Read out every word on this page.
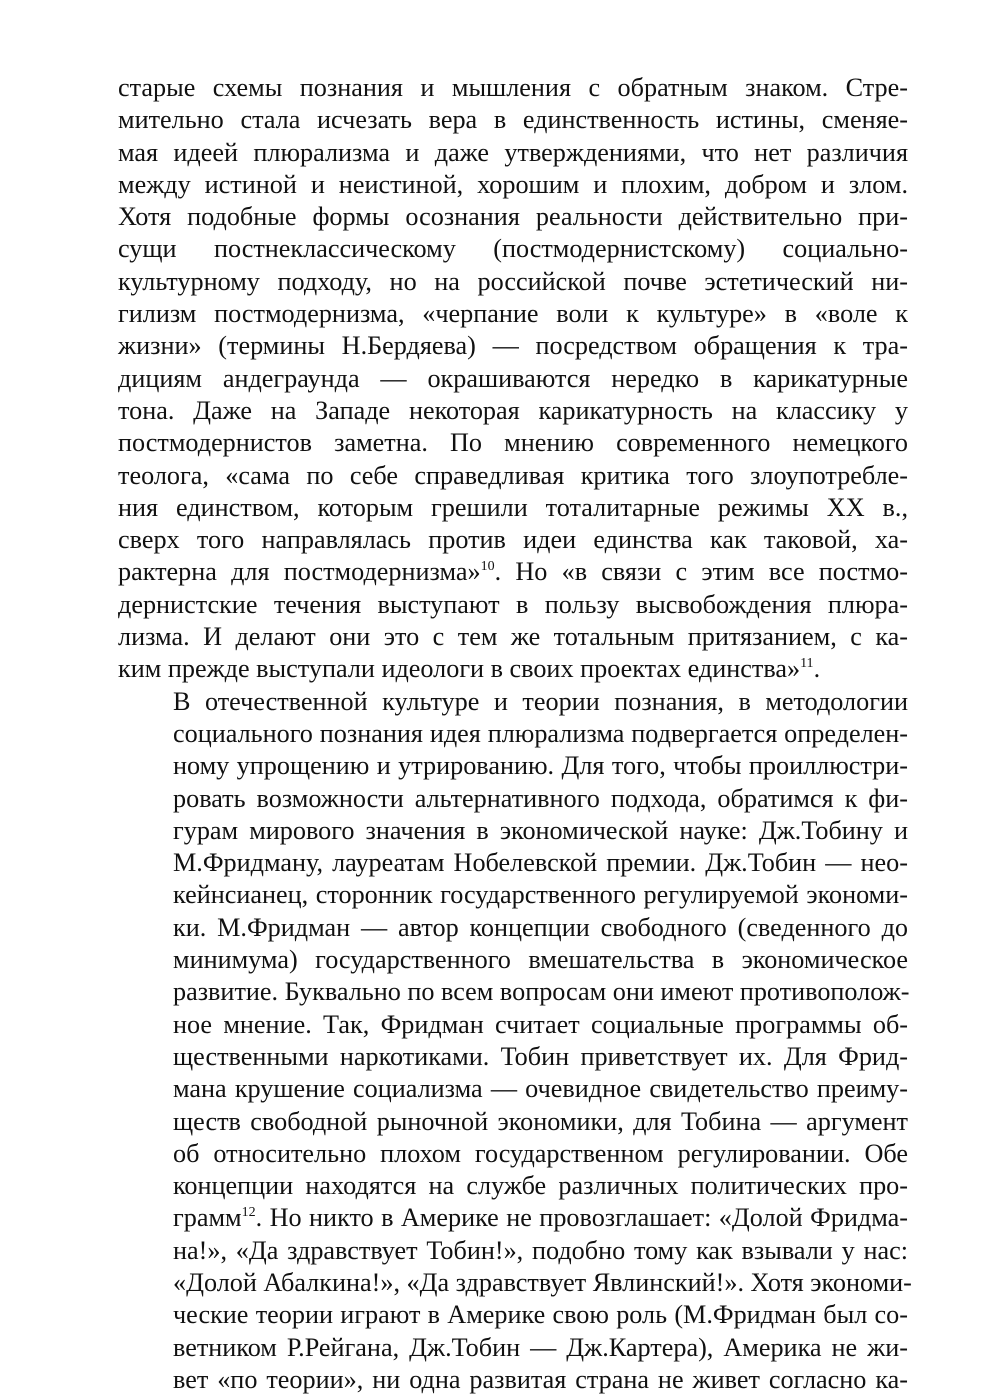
старые схемы познания и мышления с обратным знаком. Стре-
мительно стала исчезать вера в единственность истины, сменяе-
мая идеей плюрализма и даже утверждениями, что нет различия
между истиной и неистиной, хорошим и плохим, добром и злом.
Хотя подобные формы осознания реальности действительно при-
сущи постнеклассическому (постмодернистскому) социально-
культурному подходу, но на российской почве эстетический ни-
гилизм постмодернизма, «черпание воли к культуре» в «воле к
жизни» (термины Н.Бердяева) — посредством обращения к тра-
дициям андеграунда — окрашиваются нередко в карикатурные
тона. Даже на Западе некоторая карикатурность на классику у
постмодернистов заметна. По мнению современного немецкого
теолога, «сама по себе справедливая критика того злоупотребле-
ния единством, которым грешили тоталитарные режимы XX в.,
сверх того направлялась против идеи единства как таковой, ха-
рактерна для постмодернизма»$^{10}$. Но «в связи с этим все постмо-
дернистские течения выступают в пользу высвобождения плюра-
лизма. И делают они это с тем же тотальным притязанием, с ка-
ким прежде выступали идеологи в своих проектах единства»$^{11}$.
В отечественной культуре и теории познания, в методологии
социального познания идея плюрализма подвергается определен-
ному упрощению и утрированию. Для того, чтобы проиллюстри-
ровать возможности альтернативного подхода, обратимся к фи-
гурам мирового значения в экономической науке: Дж.Тобину и
М.Фридману, лауреатам Нобелевской премии. Дж.Тобин — нео-
кейнсианец, сторонник государственного регулируемой экономи-
ки. М.Фридман — автор концепции свободного (сведенного до
минимума) государственного вмешательства в экономическое
развитие. Буквально по всем вопросам они имеют противополож-
ное мнение. Так, Фридман считает социальные программы об-
щественными наркотиками. Тобин приветствует их. Для Фрид-
мана крушение социализма — очевидное свидетельство преиму-
ществ свободной рыночной экономики, для Тобина — аргумент
об относительно плохом государственном регулировании. Обе
концепции находятся на службе различных политических про-
грамм$^{12}$. Но никто в Америке не провозглашает: «Долой Фридма-
на!», «Да здравствует Тобин!», подобно тому как взывали у нас:
«Долой Абалкина!», «Да здравствует Явлинский!». Хотя экономи-
ческие теории играют в Америке свою роль (М.Фридман был со-
ветником Р.Рейгана, Дж.Тобин — Дж.Картера), Америка не жи-
вет «по теории», ни одна развитая страна не живет согласно ка-
